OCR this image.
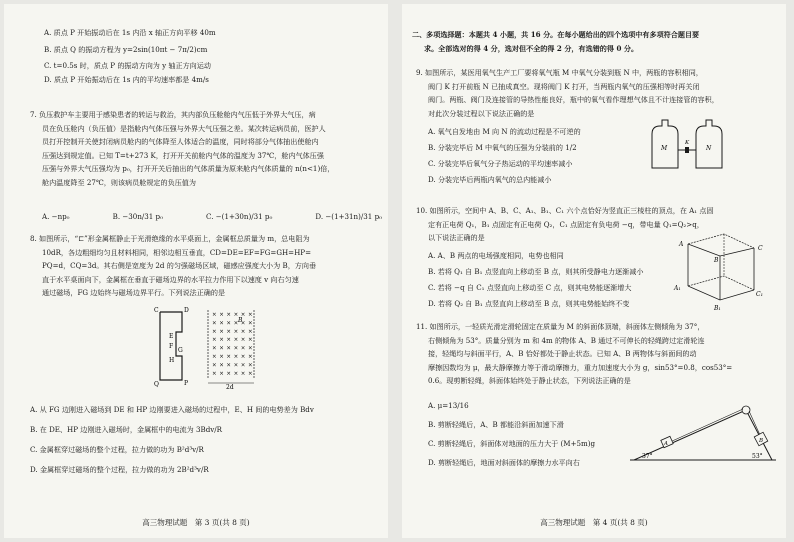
A. 质点 P 开始振动后在 1s 内沿 x 轴正方向平移 40m
B. 质点 Q 的振动方程为 y=2sin(10πt − 7π/2)cm
C. t=0.5s 时，质点 P 的振动方向为 y 轴正方向运动
D. 质点 P 开始振动后在 1s 内的平均速率都是 4m/s
7. 负压救护车主要用于感染患者的转运与救治，其内部负压舱舱内气压低于外界大气压，病
员在负压舱内（负压值）是指舱内气体压强与外界大气压强之差。某次转运病员前，医护人
员打开控制开关使封闭病员舱内的气体降至人体适合的温度，同时将部分气体抽出使舱内
压强达到规定值。已知 T=t+273 K，打开开关前舱内气体的温度为 37℃，舱内气体压强
压强与外界大气压强均为 p₀，打开开关后抽出的气体质量为原来舱内气体质量的 n(n<1)倍，
舱内温度降至 27℃，则该病员舱规定的负压值为
A. −np₀	B. −30n/31 p₀	C. −(1+30n)/31 p₀	D. −(1+31n)/31 p₀
8. 如图所示，“⊏”形金属框静止于光滑绝缘的水平桌面上，金属框总质量为 m，总电阻为
10dR，各边粗细均匀且材料相同，相邻边相互垂直，CD=DE=EF=FG=GH=HP=
PQ=d，CQ=3d。其右侧是宽度为 2d 的匀强磁场区域，磁感应强度大小为 B，方向垂
直于水平桌面向下，金属框在垂直于磁场边界的水平拉力作用下以速度 v 向右匀速
通过磁场，FG 边始终与磁场边界平行。下列说法正确的是
C	D
E
F
G
H
P
Q
× × × × × ×
× × × × × ×
× × × × × ×
× × × × × ×
× × × × × ×
× × × × × ×
× × × × × ×
× × × × × ×
B
2d
A. 从 FG 边刚进入磁场到 DE 和 HP 边刚要进入磁场的过程中，E、H 间的电势差为 Bdv
B. 在 DE、HP 边刚进入磁场时，金属框中的电流为 3Bdv/R
C. 金属框穿过磁场的整个过程，拉力做的功为 B²d³v/R
D. 金属框穿过磁场的整个过程，拉力做的功为 2B²d³v/R
高三物理试题　第 3 页(共 8 页)
二、多项选择题：本题共 4 小题，共 16 分。在每小题给出的四个选项中有多项符合题目要
求。全部选对的得 4 分，选对但不全的得 2 分，有选错的得 0 分。
9. 如图所示，某医用氧气生产工厂要将氧气瓶 M 中氧气分装到瓶 N 中，两瓶的容积相同，
阀门 K 打开前瓶 N 已抽成真空。现将阀门 K 打开，当两瓶内氧气的压强相等时再关闭
阀门。两瓶、阀门及连接管的导热性能良好，瓶中的氧气看作理想气体且不计连接管的容积，
对此次分装过程以下说法正确的是
A. 氧气自发地由 M 向 N 的流动过程是不可逆的
B. 分装完毕后 M 中氧气的压强为分装前的 1/2
C. 分装完毕后氧气分子热运动的平均速率减小
D. 分装完毕后两瓶内氧气的总内能减小
M
K
N
10. 如图所示，空间中 A、B、C、A₁、B₁、C₁ 六个点恰好为竖直正三棱柱的顶点，在 A₁ 点固
定有正电荷 Q₁，B₁ 点固定有正电荷 Q₂，C₁ 点固定有负电荷 −q，带电量 Q₁=Q₂>q，
以下说法正确的是
A. A、B 两点的电场强度相同，电势也相同
B. 若将 Q₁ 自 B₁ 点竖直向上移动至 B 点，则其所受静电力逐渐减小
C. 若将 −q 自 C₁ 点竖直向上移动至 C 点，则其电势能逐渐增大
D. 若将 Q₂ 自 B₁ 点竖直向上移动至 B 点，则其电势能始终不变
A
B
C
A₁
B₁
C₁
11. 如图所示，一轻质光滑定滑轮固定在质量为 M 的斜面体顶端，斜面体左侧倾角为 37°，
右侧倾角为 53°。质量分别为 m 和 4m 的物体 A、B 通过不可伸长的轻绳跨过定滑轮连
接，轻绳均与斜面平行，A、B 恰好都处于静止状态。已知 A、B 两物体与斜面间的动
摩擦因数均为 μ，最大静摩擦力等于滑动摩擦力，重力加速度大小为 g，sin53°=0.8，cos53°=
0.6。现剪断轻绳，斜面体始终处于静止状态，下列说法正确的是
A. μ=13/16
B. 剪断轻绳后，A、B 都能沿斜面加速下滑
C. 剪断轻绳后，斜面体对地面的压力大于 (M+5m)g
D. 剪断轻绳后，地面对斜面体的摩擦力水平向右
A	B
37°	53°
高三物理试题　第 4 页(共 8 页)
